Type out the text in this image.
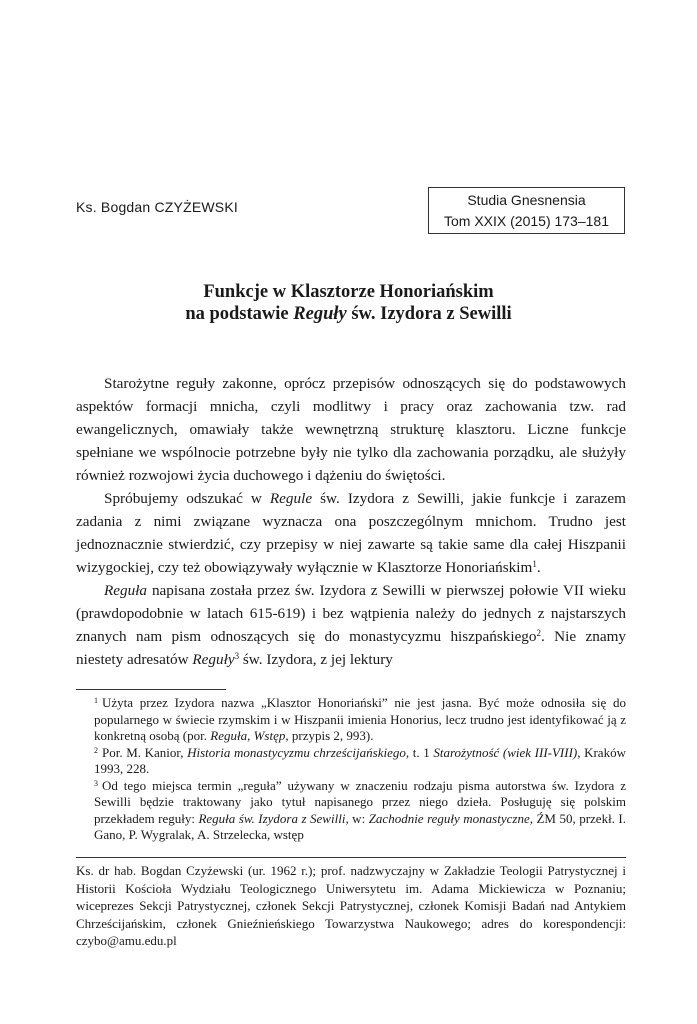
Ks. Bogdan CZYŻEWSKI	Studia Gnesnensia
Tom XXIX (2015) 173–181
Funkcje w Klasztorze Honoriańskim
na podstawie Reguły św. Izydora z Sewilli

Starożytne reguły zakonne, oprócz przepisów odnoszących się do podstawowych aspektów formacji mnicha, czyli modlitwy i pracy oraz zachowania tzw. rad ewangelicznych, omawiały także wewnętrzną strukturę klasztoru. Liczne funkcje spełniane we wspólnocie potrzebne były nie tylko dla zachowania porządku, ale służyły również rozwojowi życia duchowego i dążeniu do świętości.

Spróbujemy odszukać w Regule św. Izydora z Sewilli, jakie funkcje i zarazem zadania z nimi związane wyznacza ona poszczególnym mnichom. Trudno jest jednoznacznie stwierdzić, czy przepisy w niej zawarte są takie same dla całej Hiszpanii wizygockiej, czy też obowiązywały wyłącznie w Klasztorze Honoriańskim$^1$.

Reguła napisana została przez św. Izydora z Sewilli w pierwszej połowie VII wieku (prawdopodobnie w latach 615-619) i bez wątpienia należy do jednych z najstarszych znanych nam pism odnoszących się do monastycyzmu hiszpańskiego$^2$. Nie znamy niestety adresatów Reguły$^3$ św. Izydora, z jej lektury

$^1$ Użyta przez Izydora nazwa „Klasztor Honoriański” nie jest jasna. Być może odnosiła się do popularnego w świecie rzymskim i w Hiszpanii imienia Honorius, lecz trudno jest identyfikować ją z konkretną osobą (por. Reguła, Wstęp, przypis 2, 993).

$^2$ Por. M. Kanior, Historia monastycyzmu chrześcijańskiego, t. 1 Starożytność (wiek III-VIII), Kraków 1993, 228.

$^3$ Od tego miejsca termin „reguła” używany w znaczeniu rodzaju pisma autorstwa św. Izydora z Sewilli będzie traktowany jako tytuł napisanego przez niego dzieła. Posługuję się polskim przekładem reguły: Reguła św. Izydora z Sewilli, w: Zachodnie reguły monastyczne, ŹM 50, przekł. I. Gano, P. Wygralak, A. Strzelecka, wstęp

Ks. dr hab. Bogdan Czyżewski (ur. 1962 r.); prof. nadzwyczajny w Zakładzie Teologii Patrystycznej i Historii Kościoła Wydziału Teologicznego Uniwersytetu im. Adama Mickiewicza w Poznaniu; wiceprezes Sekcji Patrystycznej, członek Sekcji Patrystycznej, członek Komisji Badań nad Antykiem Chrześcijańskim, członek Gnieźnieńskiego Towarzystwa Naukowego; adres do korespondencji: czybo@amu.edu.pl
